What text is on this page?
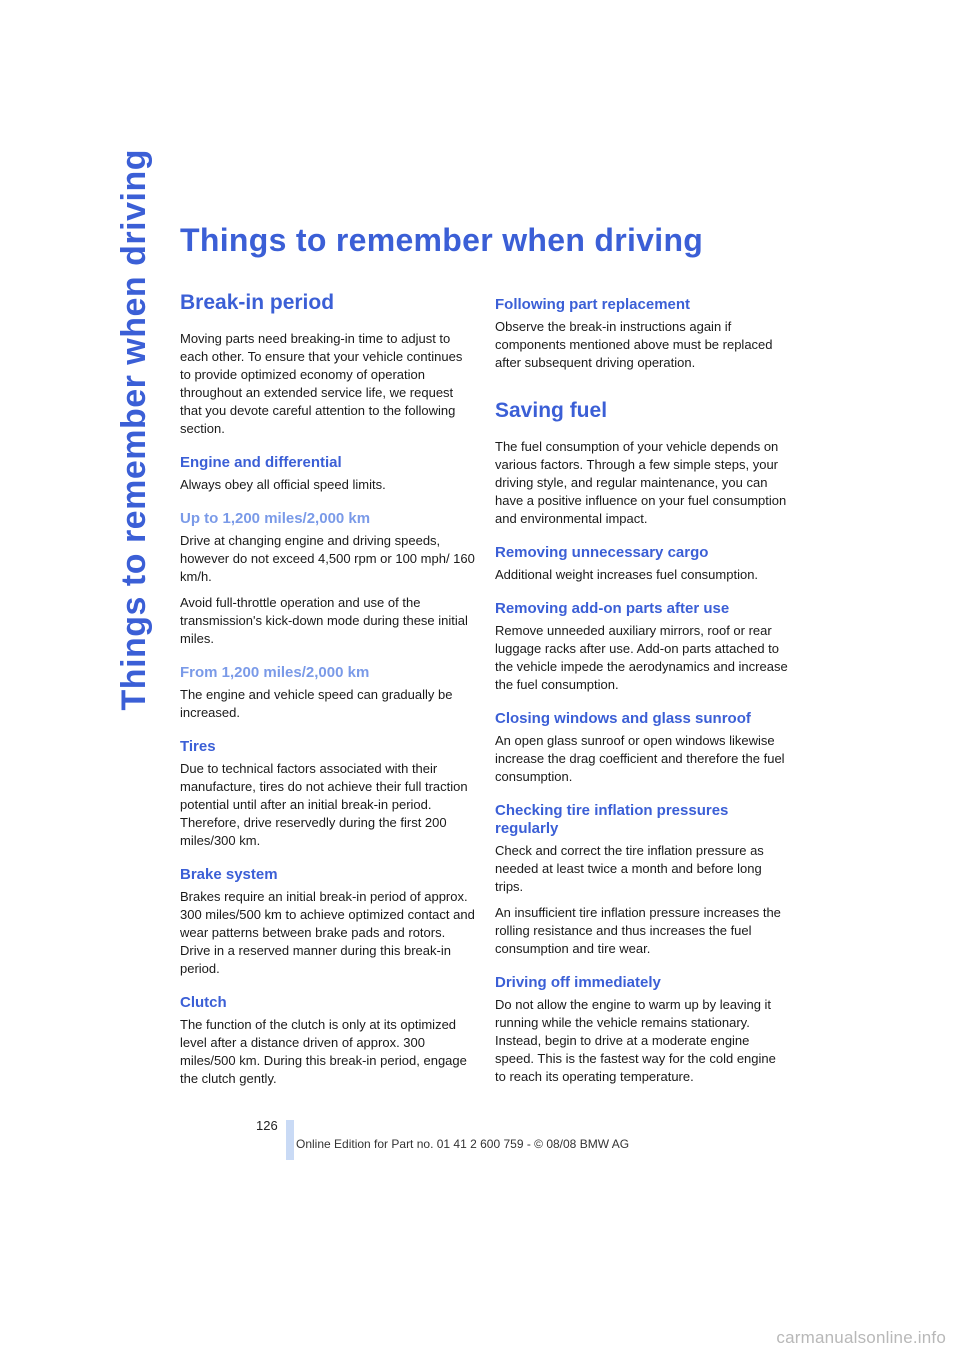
Things to remember when driving Things to remember when driving
Break-in period

Moving parts need breaking-in time to adjust to each other. To ensure that your vehicle continues to provide optimized economy of operation throughout an extended service life, we request that you devote careful attention to the following section.

Engine and differential

Always obey all official speed limits.

Up to 1,200 miles/2,000 km

Drive at changing engine and driving speeds, however do not exceed 4,500 rpm or 100 mph/ 160 km/h.

Avoid full-throttle operation and use of the transmission's kick-down mode during these initial miles.

From 1,200 miles/2,000 km

The engine and vehicle speed can gradually be increased.

Tires

Due to technical factors associated with their manufacture, tires do not achieve their full traction potential until after an initial break-in period. Therefore, drive reservedly during the first 200 miles/300 km.

Brake system

Brakes require an initial break-in period of approx. 300 miles/500 km to achieve optimized contact and wear patterns between brake pads and rotors. Drive in a reserved manner during this break-in period.

Clutch

The function of the clutch is only at its optimized level after a distance driven of approx. 300 miles/500 km. During this break-in period, engage the clutch gently.

Following part replacement

Observe the break-in instructions again if components mentioned above must be replaced after subsequent driving operation.

Saving fuel

The fuel consumption of your vehicle depends on various factors. Through a few simple steps, your driving style, and regular maintenance, you can have a positive influence on your fuel consumption and environmental impact.

Removing unnecessary cargo

Additional weight increases fuel consumption.

Removing add-on parts after use

Remove unneeded auxiliary mirrors, roof or rear luggage racks after use. Add-on parts attached to the vehicle impede the aerodynamics and increase the fuel consumption.

Closing windows and glass sunroof

An open glass sunroof or open windows likewise increase the drag coefficient and therefore the fuel consumption.

Checking tire inflation pressures regularly

Check and correct the tire inflation pressure as needed at least twice a month and before long trips.

An insufficient tire inflation pressure increases the rolling resistance and thus increases the fuel consumption and tire wear.

Driving off immediately

Do not allow the engine to warm up by leaving it running while the vehicle remains stationary. Instead, begin to drive at a moderate engine speed. This is the fastest way for the cold engine to reach its operating temperature.

126
Online Edition for Part no. 01 41 2 600 759 - © 08/08 BMW AG
carmanualsonline.info
